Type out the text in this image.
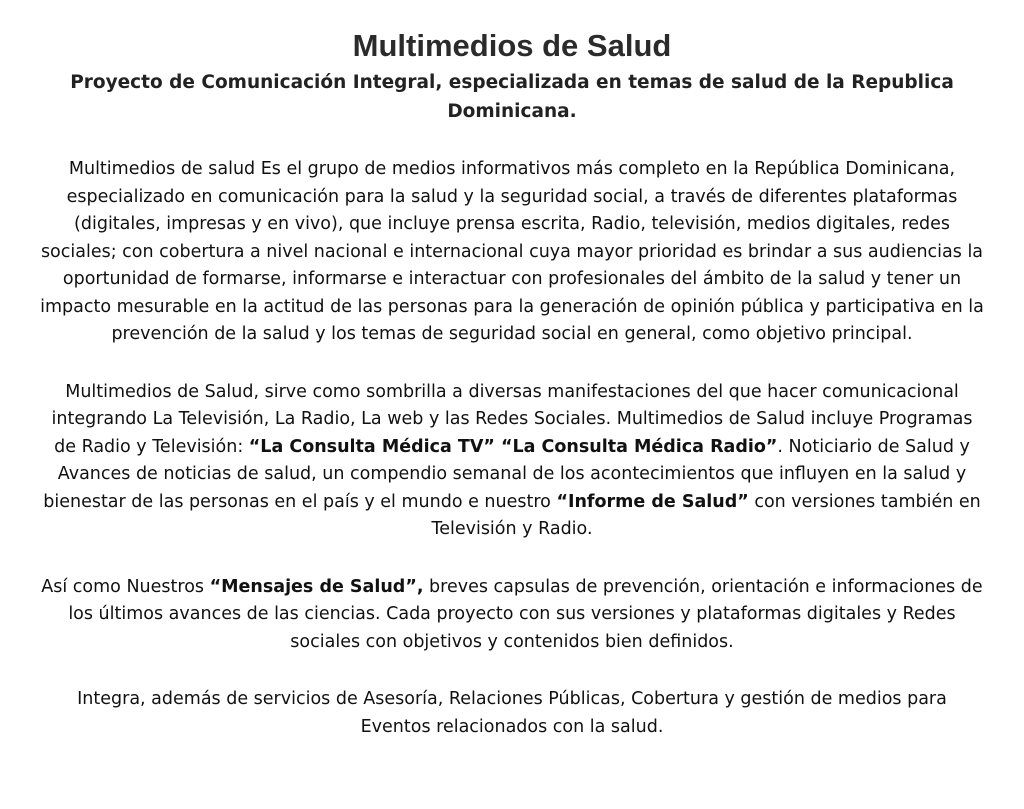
Multimedios de Salud

Proyecto de Comunicación Integral, especializada en temas de salud de la Republica Dominicana.

Multimedios de salud Es el grupo de medios informativos más completo en la República Dominicana, especializado en comunicación para la salud y la seguridad social, a través de diferentes plataformas (digitales, impresas y en vivo), que incluye prensa escrita, Radio, televisión, medios digitales, redes sociales; con cobertura a nivel nacional e internacional cuya mayor prioridad es brindar a sus audiencias la oportunidad de formarse, informarse e interactuar con profesionales del ámbito de la salud y tener un impacto mesurable en la actitud de las personas para la generación de opinión pública y participativa en la prevención de la salud y los temas de seguridad social en general, como objetivo principal.

Multimedios de Salud, sirve como sombrilla a diversas manifestaciones del que hacer comunicacional integrando La Televisión, La Radio, La web y las Redes Sociales. Multimedios de Salud incluye Programas de Radio y Televisión: “La Consulta Médica TV” “La Consulta Médica Radio”. Noticiario de Salud y Avances de noticias de salud, un compendio semanal de los acontecimientos que influyen en la salud y bienestar de las personas en el país y el mundo e nuestro “Informe de Salud” con versiones también en Televisión y Radio.

Así como Nuestros “Mensajes de Salud”, breves capsulas de prevención, orientación e informaciones de los últimos avances de las ciencias. Cada proyecto con sus versiones y plataformas digitales y Redes sociales con objetivos y contenidos bien definidos.

Integra, además de servicios de Asesoría, Relaciones Públicas, Cobertura y gestión de medios para Eventos relacionados con la salud.
